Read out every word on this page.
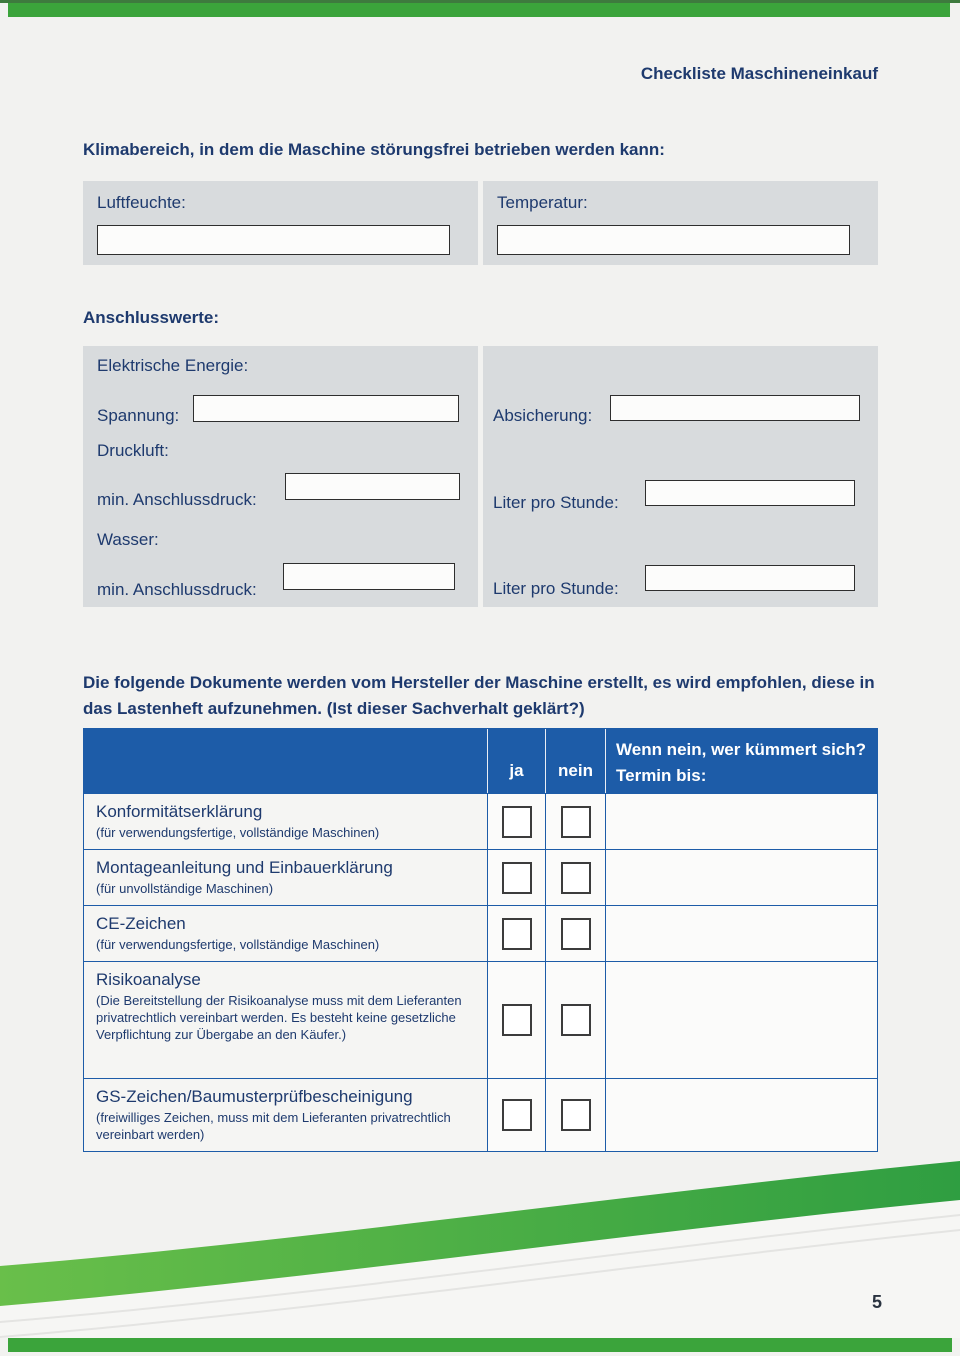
Checkliste Maschineneinkauf
Klimabereich, in dem die Maschine störungsfrei betrieben werden kann:
Luftfeuchte:	Temperatur:
Anschlusswerte:
Elektrische Energie:
Spannung:
Druckluft:
min. Anschlussdruck:
Wasser:
min. Anschlussdruck:
Absicherung:
Liter pro Stunde:
Liter pro Stunde:

Die folgende Dokumente werden vom Hersteller der Maschine erstellt, es wird empfohlen, diese in das Lastenheft aufzunehmen. (Ist dieser Sachverhalt geklärt?)

ja	nein
Wenn nein, wer kümmert sich?
Termin bis:
Konformitätserklärung
(für verwendungsfertige, vollständige Maschinen)
Montageanleitung und Einbauerklärung
(für unvollständige Maschinen)
CE-Zeichen
(für verwendungsfertige, vollständige Maschinen)
Risikoanalyse
(Die Bereitstellung der Risikoanalyse muss mit dem Lieferanten privatrechtlich vereinbart werden. Es besteht keine gesetzliche Verpflichtung zur Übergabe an den Käufer.)
GS-Zeichen/Baumusterprüfbescheinigung
(freiwilliges Zeichen, muss mit dem Lieferanten privatrechtlich vereinbart werden)
5
